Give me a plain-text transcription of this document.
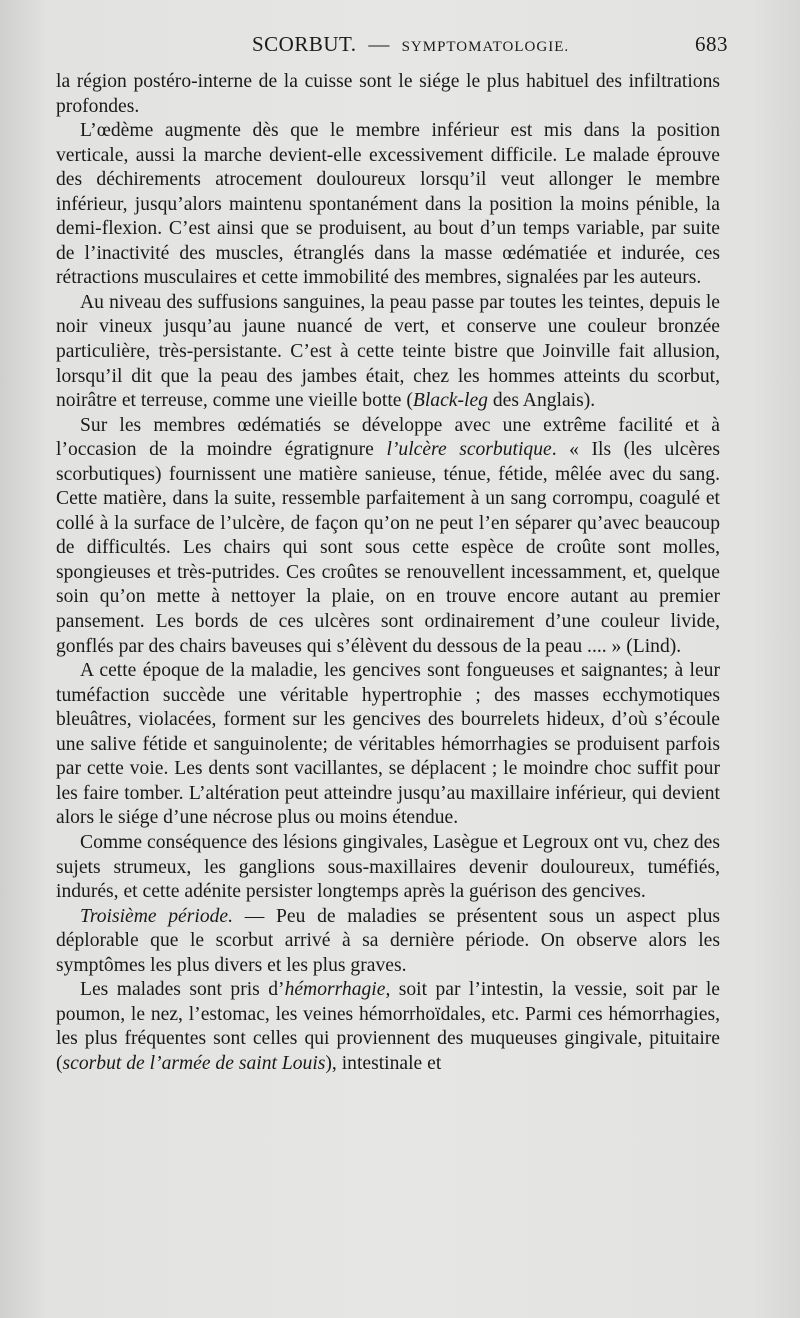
SCORBUT. — SYMPTOMATOLOGIE.	683

la région postéro-interne de la cuisse sont le siége le plus habituel des infiltrations profondes.

L’œdème augmente dès que le membre inférieur est mis dans la position verticale, aussi la marche devient-elle excessivement difficile. Le malade éprouve des déchirements atrocement douloureux lorsqu’il veut allonger le membre inférieur, jusqu’alors maintenu spontanément dans la position la moins pénible, la demi-flexion. C’est ainsi que se produisent, au bout d’un temps variable, par suite de l’inactivité des muscles, étranglés dans la masse œdématiée et indurée, ces rétractions musculaires et cette immobilité des membres, signalées par les auteurs.

Au niveau des suffusions sanguines, la peau passe par toutes les teintes, depuis le noir vineux jusqu’au jaune nuancé de vert, et conserve une couleur bronzée particulière, très-persistante. C’est à cette teinte bistre que Joinville fait allusion, lorsqu’il dit que la peau des jambes était, chez les hommes atteints du scorbut, noirâtre et terreuse, comme une vieille botte (Black-leg des Anglais).

Sur les membres œdématiés se développe avec une extrême facilité et à l’occasion de la moindre égratignure l’ulcère scorbutique. « Ils (les ulcères scorbutiques) fournissent une matière sanieuse, ténue, fétide, mêlée avec du sang. Cette matière, dans la suite, ressemble parfaitement à un sang corrompu, coagulé et collé à la surface de l’ulcère, de façon qu’on ne peut l’en séparer qu’avec beaucoup de difficultés. Les chairs qui sont sous cette espèce de croûte sont molles, spongieuses et très-putrides. Ces croûtes se renouvellent incessamment, et, quelque soin qu’on mette à nettoyer la plaie, on en trouve encore autant au premier pansement. Les bords de ces ulcères sont ordinairement d’une couleur livide, gonflés par des chairs baveuses qui s’élèvent du dessous de la peau .... » (Lind).

A cette époque de la maladie, les gencives sont fongueuses et saignantes; à leur tuméfaction succède une véritable hypertrophie ; des masses ecchymotiques bleuâtres, violacées, forment sur les gencives des bourrelets hideux, d’où s’écoule une salive fétide et sanguinolente; de véritables hémorrhagies se produisent parfois par cette voie. Les dents sont vacillantes, se déplacent ; le moindre choc suffit pour les faire tomber. L’altération peut atteindre jusqu’au maxillaire inférieur, qui devient alors le siége d’une nécrose plus ou moins étendue.

Comme conséquence des lésions gingivales, Lasègue et Legroux ont vu, chez des sujets strumeux, les ganglions sous-maxillaires devenir douloureux, tuméfiés, indurés, et cette adénite persister longtemps après la guérison des gencives.

Troisième période. — Peu de maladies se présentent sous un aspect plus déplorable que le scorbut arrivé à sa dernière période. On observe alors les symptômes les plus divers et les plus graves.

Les malades sont pris d’hémorrhagie, soit par l’intestin, la vessie, soit par le poumon, le nez, l’estomac, les veines hémorrhoïdales, etc. Parmi ces hémorrhagies, les plus fréquentes sont celles qui proviennent des muqueuses gingivale, pituitaire (scorbut de l’armée de saint Louis), intestinale et
